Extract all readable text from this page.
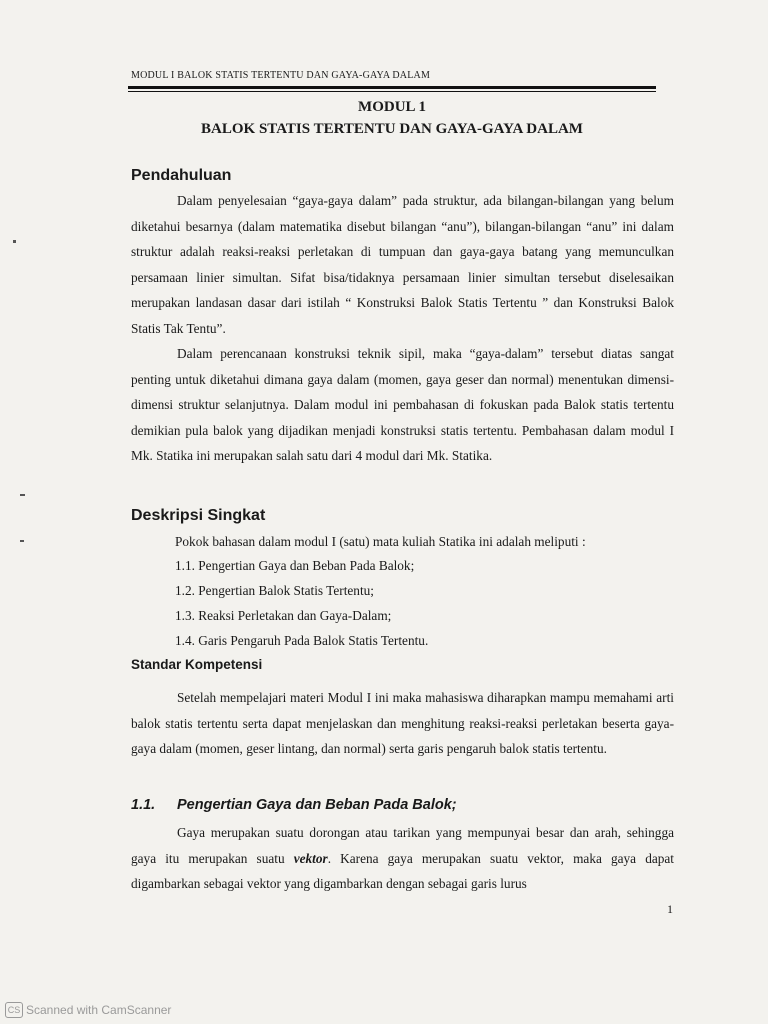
MODUL I BALOK STATIS TERTENTU DAN GAYA-GAYA DALAM
MODUL 1
BALOK STATIS TERTENTU DAN GAYA-GAYA DALAM
Pendahuluan

Dalam penyelesaian “gaya-gaya dalam” pada struktur, ada bilangan-bilangan yang belum diketahui besarnya (dalam matematika disebut bilangan “anu”), bilangan-bilangan “anu” ini dalam struktur adalah reaksi-reaksi perletakan di tumpuan dan gaya-gaya batang yang memunculkan persamaan linier simultan. Sifat bisa/tidaknya persamaan linier simultan tersebut diselesaikan merupakan landasan dasar dari istilah “ Konstruksi Balok Statis Tertentu ” dan Konstruksi Balok Statis Tak Tentu”.

Dalam perencanaan konstruksi teknik sipil, maka “gaya-dalam” tersebut diatas sangat penting untuk diketahui dimana gaya dalam (momen, gaya geser dan normal) menentukan dimensi-dimensi struktur selanjutnya. Dalam modul ini pembahasan di fokuskan pada Balok statis tertentu demikian pula balok yang dijadikan menjadi konstruksi statis tertentu. Pembahasan dalam modul I Mk. Statika ini merupakan salah satu dari 4 modul dari Mk. Statika.

Deskripsi Singkat
Pokok bahasan dalam modul I (satu) mata kuliah Statika ini adalah meliputi :
1.1. Pengertian Gaya dan Beban Pada Balok;
1.2. Pengertian Balok Statis Tertentu;
1.3. Reaksi Perletakan dan Gaya-Dalam;
1.4. Garis Pengaruh Pada Balok Statis Tertentu.
Standar Kompetensi

Setelah mempelajari materi Modul I ini maka mahasiswa diharapkan mampu memahami arti balok statis tertentu serta dapat menjelaskan dan menghitung reaksi-reaksi perletakan beserta gaya-gaya dalam (momen, geser lintang, dan normal) serta garis pengaruh balok statis tertentu.

1.1. Pengertian Gaya dan Beban Pada Balok;

Gaya merupakan suatu dorongan atau tarikan yang mempunyai besar dan arah, sehingga gaya itu merupakan suatu vektor. Karena gaya merupakan suatu vektor, maka gaya dapat digambarkan sebagai vektor yang digambarkan dengan sebagai garis lurus

1
CS Scanned with CamScanner
